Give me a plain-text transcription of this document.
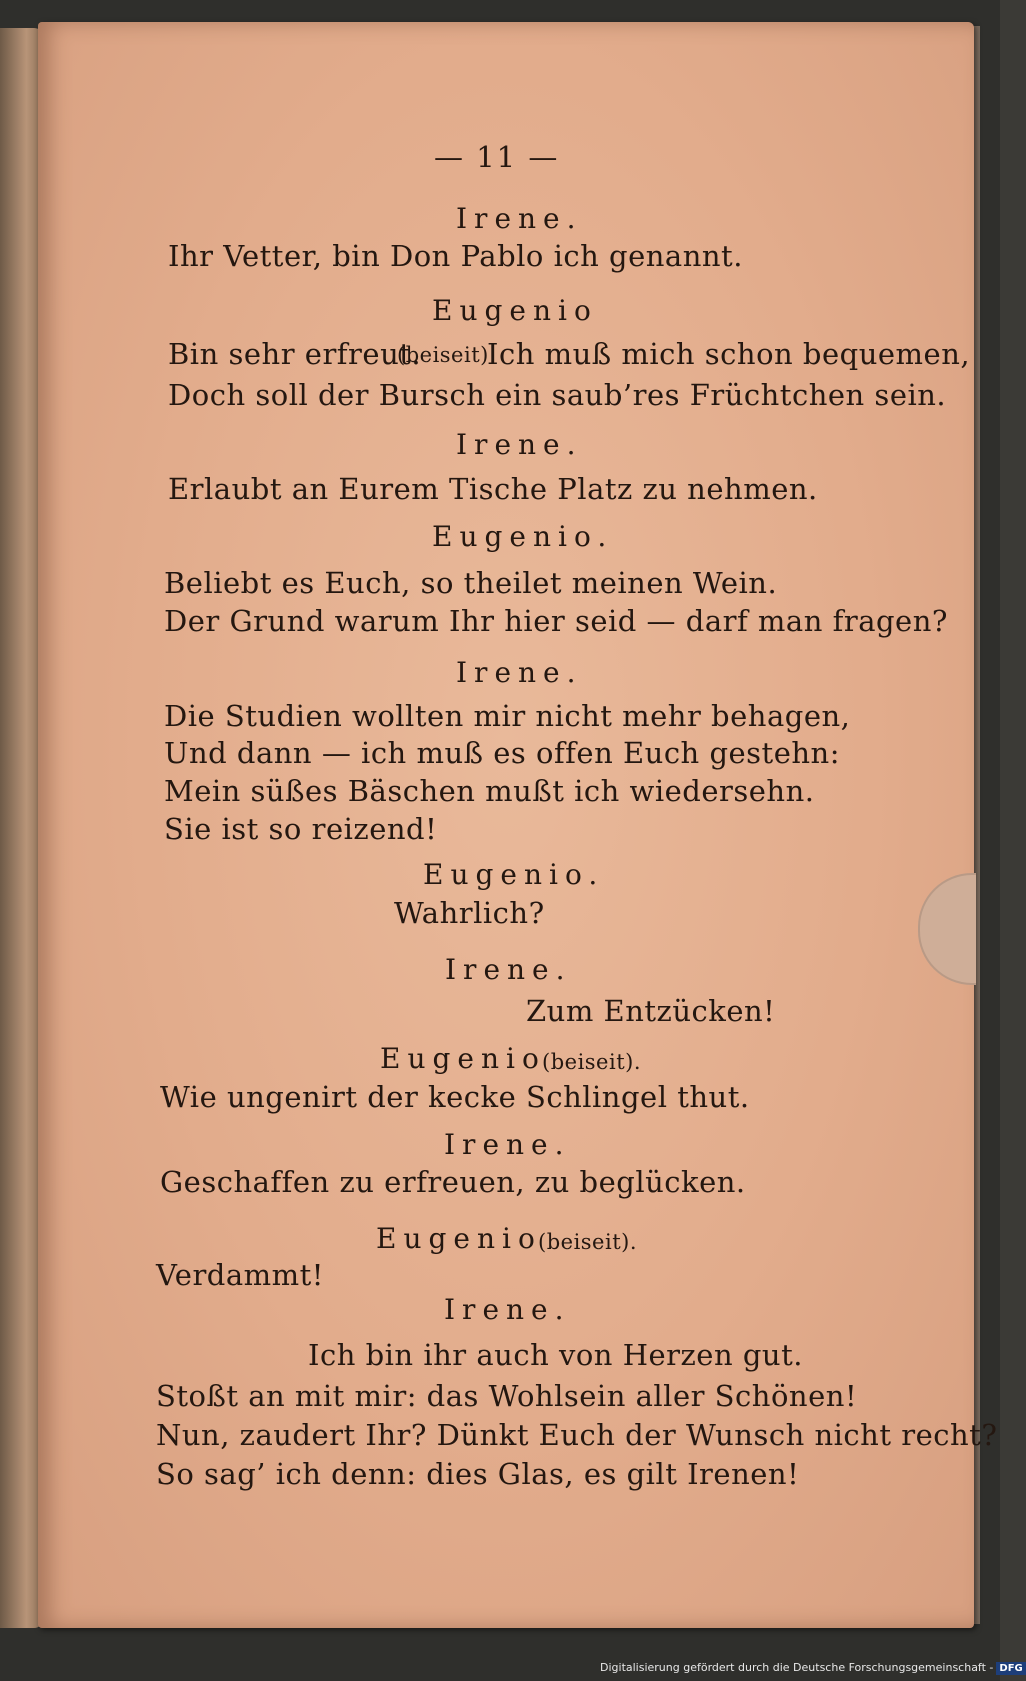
— 11 —
Irene.
Ihr Vetter, bin Don Pablo ich genannt.
Eugenio
Bin sehr erfreut.
(beiseit)
Ich muß mich schon bequemen,
Doch soll der Bursch ein saub’res Früchtchen sein.
Irene.
Erlaubt an Eurem Tische Platz zu nehmen.
Eugenio.
Beliebt es Euch, so theilet meinen Wein.
Der Grund warum Ihr hier seid — darf man fragen?
Irene.
Die Studien wollten mir nicht mehr behagen,
Und dann — ich muß es offen Euch gestehn:
Mein süßes Bäschen mußt ich wiedersehn.
Sie ist so reizend!
Eugenio.
Wahrlich?
Irene.
Zum Entzücken!
Eugenio
(beiseit).
Wie ungenirt der kecke Schlingel thut.
Irene.
Geschaffen zu erfreuen, zu beglücken.
Eugenio
(beiseit).
Verdammt!
Irene.
Ich bin ihr auch von Herzen gut.
Stoßt an mit mir: das Wohlsein aller Schönen!
Nun, zaudert Ihr? Dünkt Euch der Wunsch nicht recht?
So sag’ ich denn: dies Glas, es gilt Irenen!
Digitalisierung gefördert durch die Deutsche Forschungsgemeinschaft - DFG
